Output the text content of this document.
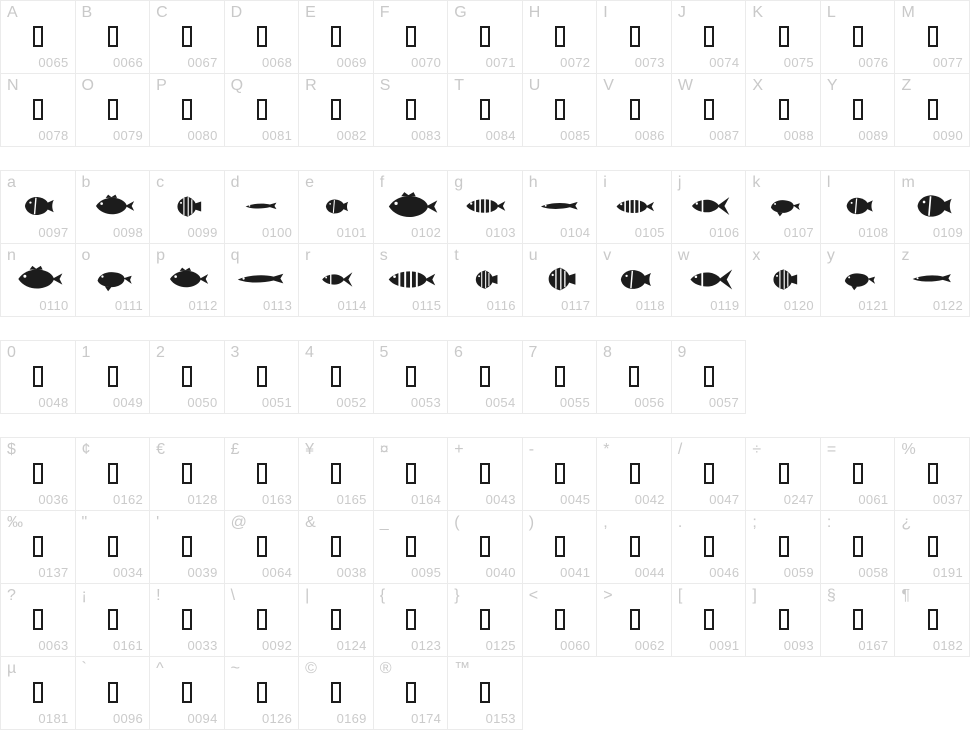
A
0065
B
0066
C
0067
D
0068
E
0069
F
0070
G
0071
H
0072
I
0073
J
0074
K
0075
L
0076
M
0077
N
0078
O
0079
P
0080
Q
0081
R
0082
S
0083
T
0084
U
0085
V
0086
W
0087
X
0088
Y
0089
Z
0090
a
0097
b
0098
c
0099
d
0100
e
0101
f
0102
g
0103
h
0104
i
0105
j
0106
k
0107
l
0108
m
0109
n
0110
o
0111
p
0112
q
0113
r
0114
s
0115
t
0116
u
0117
v
0118
w
0119
x
0120
y
0121
z
0122
0
0048
1
0049
2
0050
3
0051
4
0052
5
0053
6
0054
7
0055
8
0056
9
0057
$
0036
¢
0162
€
0128
£
0163
¥
0165
¤
0164
+
0043
-
0045
*
0042
/
0047
÷
0247
=
0061
%
0037
‰
0137
"
0034
'
0039
@
0064
&
0038
_
0095
(
0040
)
0041
,
0044
.
0046
;
0059
:
0058
¿
0191
?
0063
¡
0161
!
0033
\
0092
|
0124
{
0123
}
0125
<
0060
>
0062
[
0091
]
0093
§
0167
¶
0182
µ
0181
`
0096
^
0094
~
0126
©
0169
®
0174
™
0153
